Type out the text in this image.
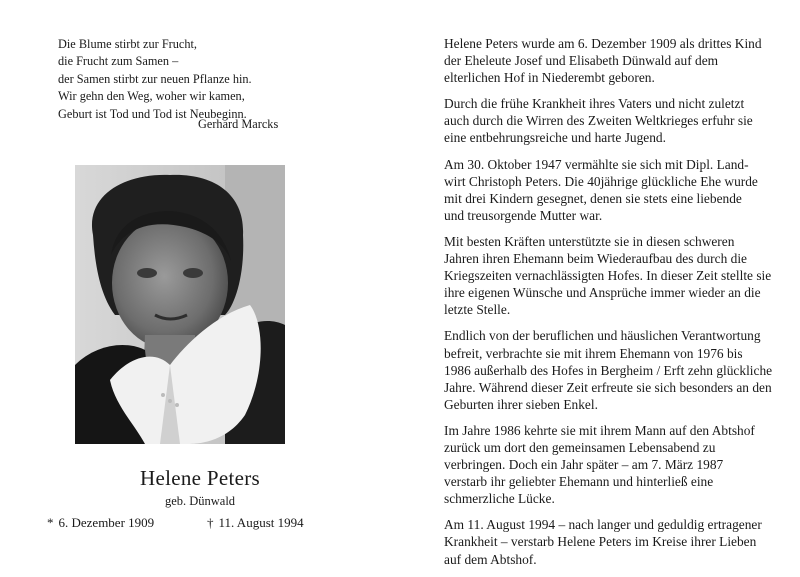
Die Blume stirbt zur Frucht,
die Frucht zum Samen –
der Samen stirbt zur neuen Pflanze hin.
Wir gehn den Weg, woher wir kamen,
Geburt ist Tod und Tod ist Neubeginn.
Gerhard Marcks
Helene Peters
geb. Dünwald
* 6. Dezember 1909	† 11. August 1994

Helene Peters wurde am 6. Dezember 1909 als drittes Kind
der Eheleute Josef und Elisabeth Dünwald auf dem
elterlichen Hof in Niederembt geboren.

Durch die frühe Krankheit ihres Vaters und nicht zuletzt
auch durch die Wirren des Zweiten Weltkrieges erfuhr sie
eine entbehrungsreiche und harte Jugend.

Am 30. Oktober 1947 vermählte sie sich mit Dipl. Land-
wirt Christoph Peters. Die 40jährige glückliche Ehe wurde
mit drei Kindern gesegnet, denen sie stets eine liebende
und treusorgende Mutter war.

Mit besten Kräften unterstützte sie in diesen schweren
Jahren ihren Ehemann beim Wiederaufbau des durch die
Kriegszeiten vernachlässigten Hofes. In dieser Zeit stellte sie
ihre eigenen Wünsche und Ansprüche immer wieder an die
letzte Stelle.

Endlich von der beruflichen und häuslichen Verantwortung
befreit, verbrachte sie mit ihrem Ehemann von 1976 bis
1986 außerhalb des Hofes in Bergheim / Erft zehn glückliche
Jahre. Während dieser Zeit erfreute sie sich besonders an den
Geburten ihrer sieben Enkel.

Im Jahre 1986 kehrte sie mit ihrem Mann auf den Abtshof
zurück um dort den gemeinsamen Lebensabend zu
verbringen. Doch ein Jahr später – am 7. März 1987
verstarb ihr geliebter Ehemann und hinterließ eine
schmerzliche Lücke.

Am 11. August 1994 – nach langer und geduldig ertragener
Krankheit – verstarb Helene Peters im Kreise ihrer Lieben
auf dem Abtshof.
